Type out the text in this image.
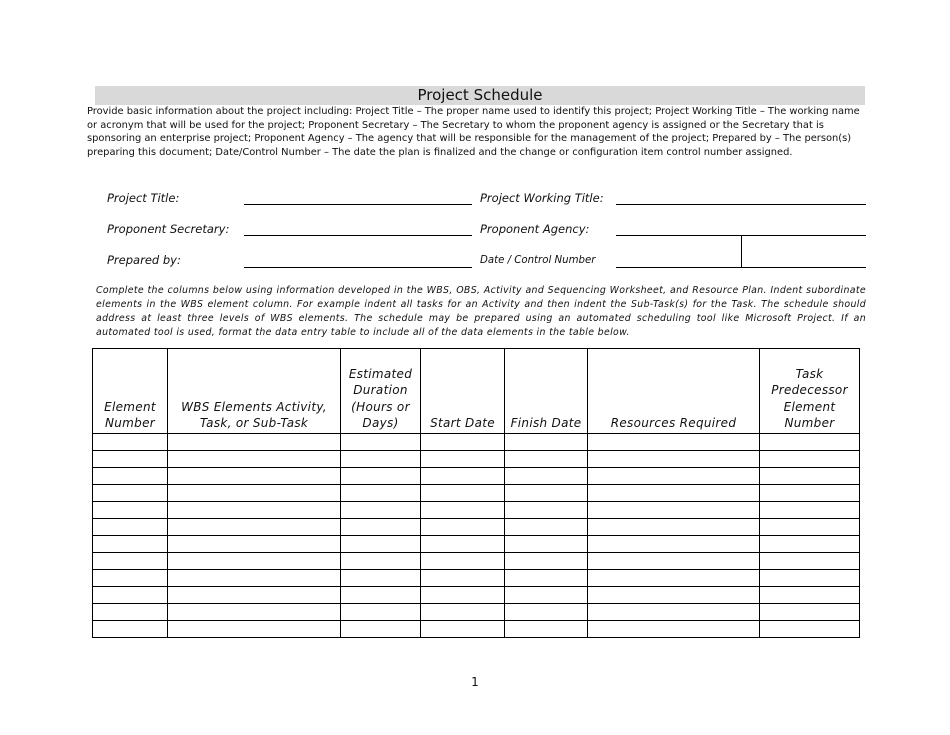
Project Schedule
Provide basic information about the project including: Project Title – The proper name used to identify this project; Project Working Title – The working name or acronym that will be used for the project; Proponent Secretary – The Secretary to whom the proponent agency is assigned or the Secretary that is sponsoring an enterprise project; Proponent Agency – The agency that will be responsible for the management of the project; Prepared by – The person(s) preparing this document; Date/Control Number – The date the plan is finalized and the change or configuration item control number assigned.
Project Title:	Project Working Title:
Proponent Secretary:	Proponent Agency:
Prepared by:	Date / Control Number
Complete the columns below using information developed in the WBS, OBS, Activity and Sequencing Worksheet, and Resource Plan. Indent subordinate elements in the WBS element column. For example indent all tasks for an Activity and then indent the Sub-Task(s) for the Task. The schedule should address at least three levels of WBS elements. The schedule may be prepared using an automated scheduling tool like Microsoft Project. If an automated tool is used, format the data entry table to include all of the data elements in the table below.
Element Number	WBS Elements Activity, Task, or Sub-Task	Estimated Duration (Hours or Days)	Start Date	Finish Date	Resources Required	Task Predecessor Element Number

1
